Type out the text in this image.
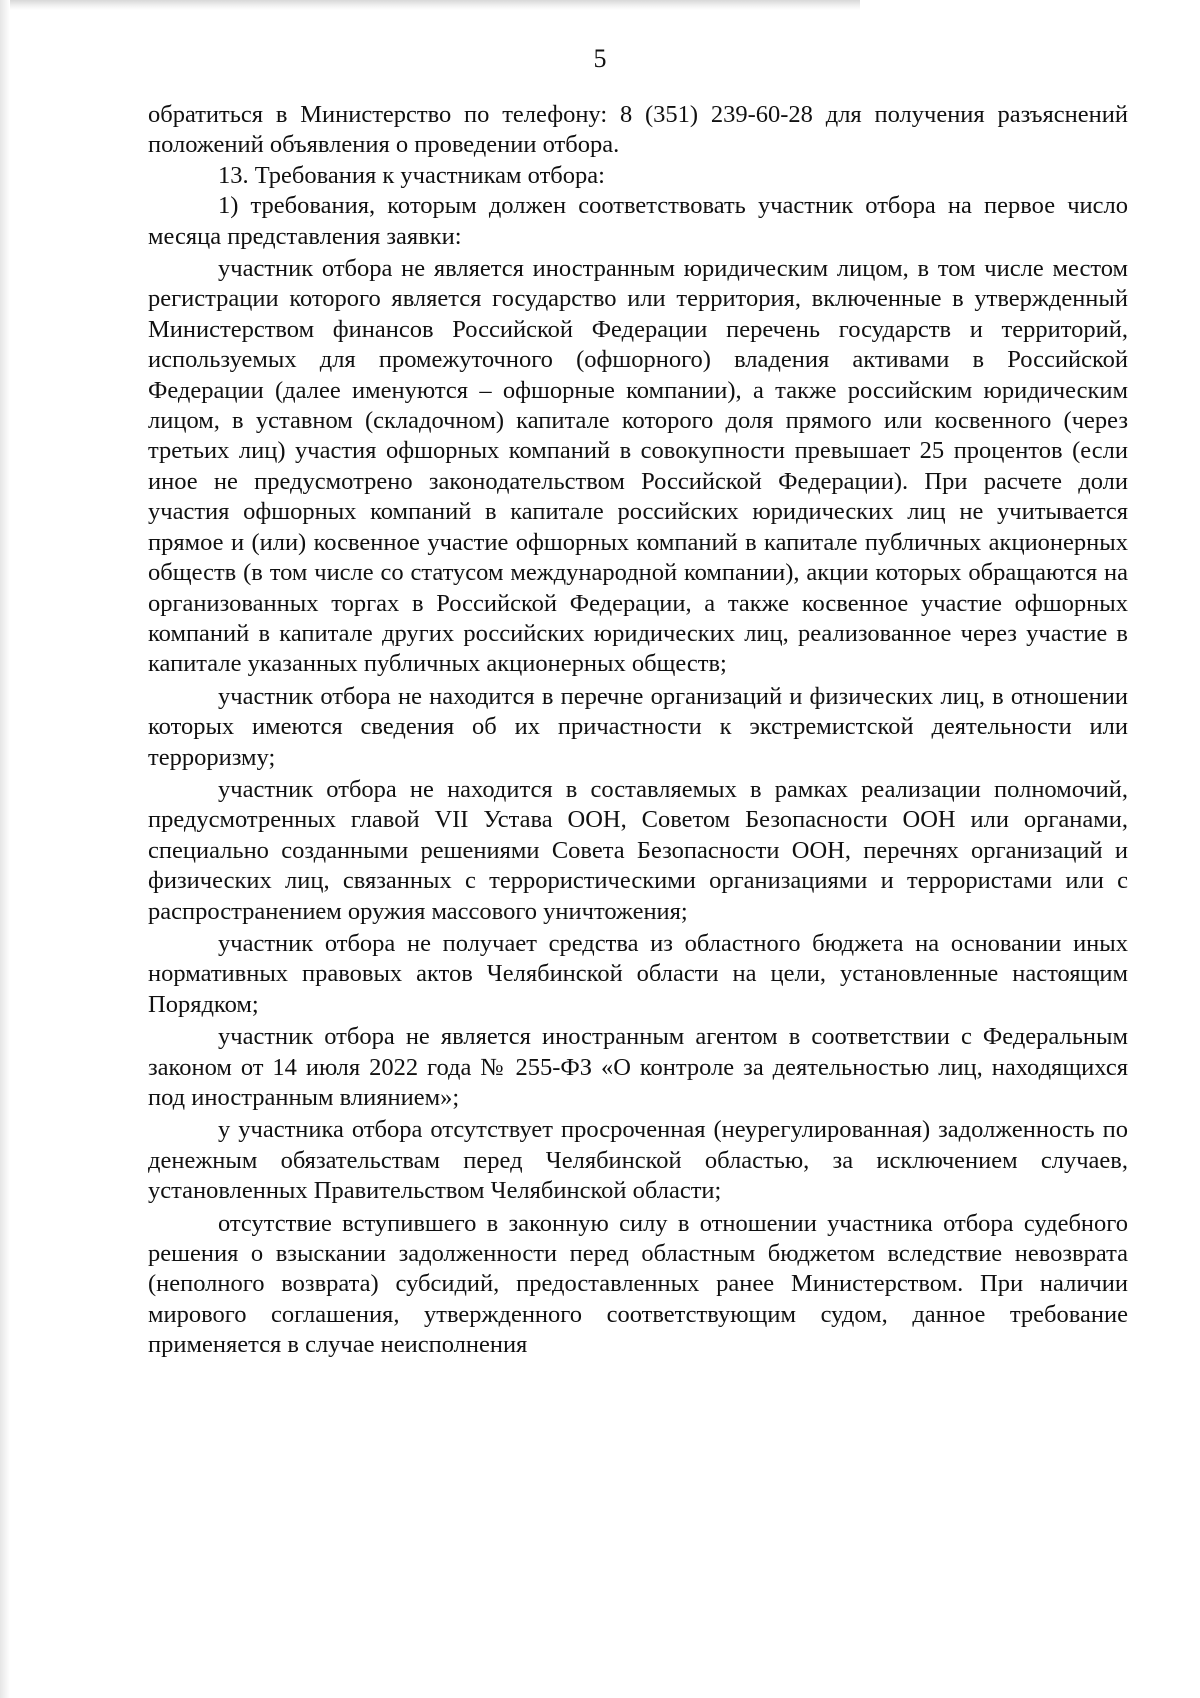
5

обратиться в Министерство по телефону: 8 (351) 239-60-28 для получения разъяснений положений объявления о проведении отбора.

13. Требования к участникам отбора:

1) требования, которым должен соответствовать участник отбора на первое число месяца представления заявки:

участник отбора не является иностранным юридическим лицом, в том числе местом регистрации которого является государство или территория, включенные в утвержденный Министерством финансов Российской Федерации перечень государств и территорий, используемых для промежуточного (офшорного) владения активами в Российской Федерации (далее именуются – офшорные компании), а также российским юридическим лицом, в уставном (складочном) капитале которого доля прямого или косвенного (через третьих лиц) участия офшорных компаний в совокупности превышает 25 процентов (если иное не предусмотрено законодательством Российской Федерации). При расчете доли участия офшорных компаний в капитале российских юридических лиц не учитывается прямое и (или) косвенное участие офшорных компаний в капитале публичных акционерных обществ (в том числе со статусом международной компании), акции которых обращаются на организованных торгах в Российской Федерации, а также косвенное участие офшорных компаний в капитале других российских юридических лиц, реализованное через участие в капитале указанных публичных акционерных обществ;

участник отбора не находится в перечне организаций и физических лиц, в отношении которых имеются сведения об их причастности к экстремистской деятельности или терроризму;

участник отбора не находится в составляемых в рамках реализации полномочий, предусмотренных главой VII Устава ООН, Советом Безопасности ООН или органами, специально созданными решениями Совета Безопасности ООН, перечнях организаций и физических лиц, связанных с террористическими организациями и террористами или с распространением оружия массового уничтожения;

участник отбора не получает средства из областного бюджета на основании иных нормативных правовых актов Челябинской области на цели, установленные настоящим Порядком;

участник отбора не является иностранным агентом в соответствии с Федеральным законом от 14 июля 2022 года № 255-ФЗ «О контроле за деятельностью лиц, находящихся под иностранным влиянием»;

у участника отбора отсутствует просроченная (неурегулированная) задолженность по денежным обязательствам перед Челябинской областью, за исключением случаев, установленных Правительством Челябинской области;

отсутствие вступившего в законную силу в отношении участника отбора судебного решения о взыскании задолженности перед областным бюджетом вследствие невозврата (неполного возврата) субсидий, предоставленных ранее Министерством. При наличии мирового соглашения, утвержденного соответствующим судом, данное требование применяется в случае неисполнения
